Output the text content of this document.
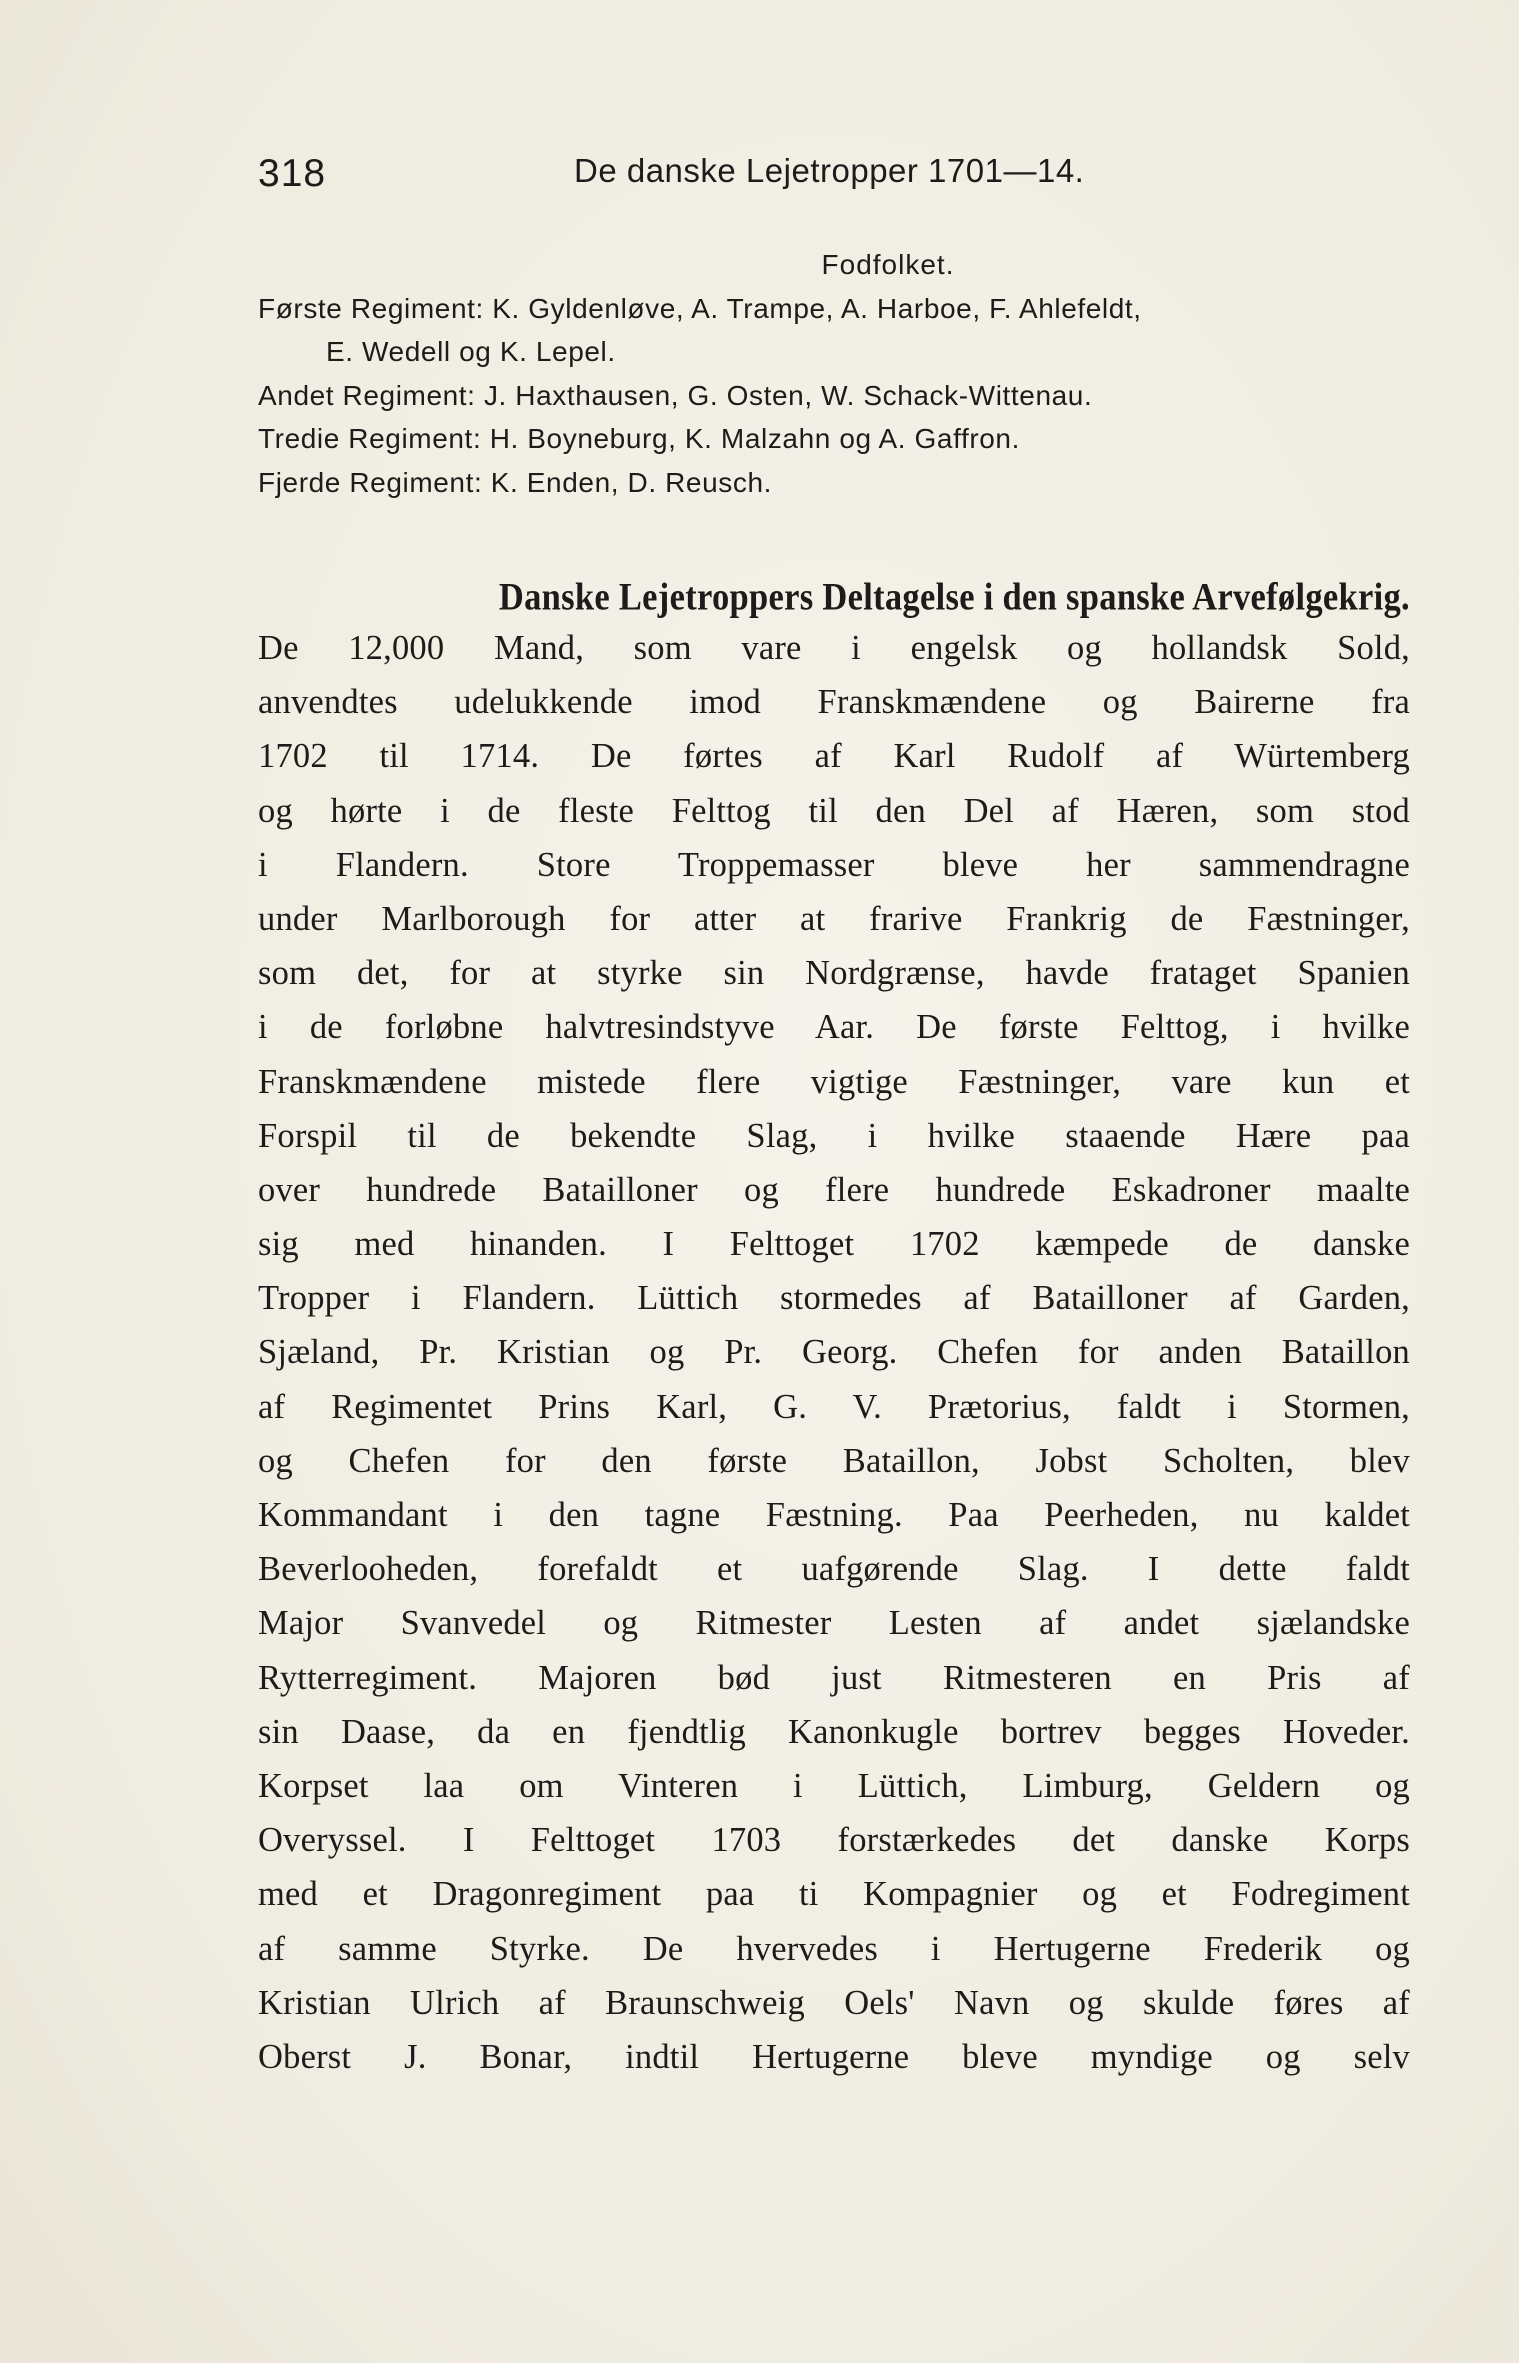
318	De danske Lejetropper 1701—14.
Fodfolket.
Første Regiment: K. Gyldenløve, A. Trampe, A. Harboe, F. Ahlefeldt,
E. Wedell og K. Lepel.
Andet Regiment: J. Haxthausen, G. Osten, W. Schack-Wittenau.
Tredie Regiment: H. Boyneburg, K. Malzahn og A. Gaffron.
Fjerde Regiment: K. Enden, D. Reusch.
Danske Lejetroppers Deltagelse i den spanske Arvefølgekrig.
De 12,000 Mand, som vare i engelsk og hollandsk Sold,
anvendtes udelukkende imod Franskmændene og Bairerne fra
1702 til 1714. De førtes af Karl Rudolf af Würtemberg
og hørte i de fleste Felttog til den Del af Hæren, som stod
i Flandern. Store Troppemasser bleve her sammendragne
under Marlborough for atter at frarive Frankrig de Fæstninger,
som det, for at styrke sin Nordgrænse, havde frataget Spanien
i de forløbne halvtresindstyve Aar. De første Felttog, i hvilke
Franskmændene mistede flere vigtige Fæstninger, vare kun et
Forspil til de bekendte Slag, i hvilke staaende Hære paa
over hundrede Batailloner og flere hundrede Eskadroner maalte
sig med hinanden. I Felttoget 1702 kæmpede de danske
Tropper i Flandern. Lüttich stormedes af Batailloner af Garden,
Sjæland, Pr. Kristian og Pr. Georg. Chefen for anden Bataillon
af Regimentet Prins Karl, G. V. Prætorius, faldt i Stormen,
og Chefen for den første Bataillon, Jobst Scholten, blev
Kommandant i den tagne Fæstning. Paa Peerheden, nu kaldet
Beverlooheden, forefaldt et uafgørende Slag. I dette faldt
Major Svanvedel og Ritmester Lesten af andet sjælandske
Rytterregiment. Majoren bød just Ritmesteren en Pris af
sin Daase, da en fjendtlig Kanonkugle bortrev begges Hoveder.
Korpset laa om Vinteren i Lüttich, Limburg, Geldern og
Overyssel. I Felttoget 1703 forstærkedes det danske Korps
med et Dragonregiment paa ti Kompagnier og et Fodregiment
af samme Styrke. De hvervedes i Hertugerne Frederik og
Kristian Ulrich af Braunschweig Oels' Navn og skulde føres af
Oberst J. Bonar, indtil Hertugerne bleve myndige og selv
